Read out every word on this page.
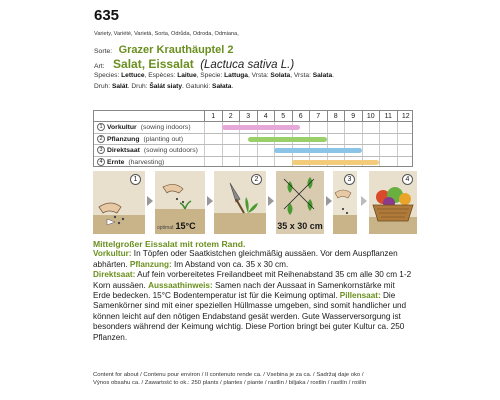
635
Variety, Variété, Varietà, Sorta, Odrůda, Odroda, Odmiana,
Sorte: Grazer Krauthäuptel 2
Art: Salat, Eissalat (Lactuca sativa L.)
Species: Lettuce, Espèces: Laitue, Specie: Lattuga, Vrsta: Solata, Vrsta: Salata.
Druh: Salát. Druh: Šalát siaty. Gatunki: Sałata.
1	2	3	4	5	6	7	8	9	10	11	12
1 Vorkultur (sowing indoors)
2 Pflanzung (planting out)
3 Direktsaat (sowing outdoors)
4 Ernte (harvesting)
1
optimal:15°C
2
35 x 30 cm
3	4
Mittelgroßer Eissalat mit rotem Rand.
Vorkultur: In Töpfen oder Saatkistchen gleichmäßig aussäen. Vor dem Auspflanzen abhärten. Pflanzung: Im Abstand von ca. 35 x 30 cm.
Direktsaat: Auf fein vorbereitetes Freilandbeet mit Reihenabstand 35 cm alle 30 cm 1-2 Korn aussäen. Aussaathinweis: Samen nach der Aussaat in Samenkornstärke mit Erde bedecken. 15°C Bodentemperatur ist für die Keimung optimal. Pillensaat: Die Samenkörner sind mit einer speziellen Hüllmasse umgeben, sind somit handlicher und können leicht auf den nötigen Endabstand gesät werden. Gute Wasserversorgung ist besonders während der Keimung wichtig. Diese Portion bringt bei guter Kultur ca. 250 Pflanzen.
Content for about / Contenu pour environ / Il contenuto rende ca. / Vsebina je za ca. / Sadržaj daje oko /
Výnos obsahu ca. / Zawartość to ok.: 250 plants / plantes / piante / rastlin / biljaka / rostlin / rastlín / roślin
